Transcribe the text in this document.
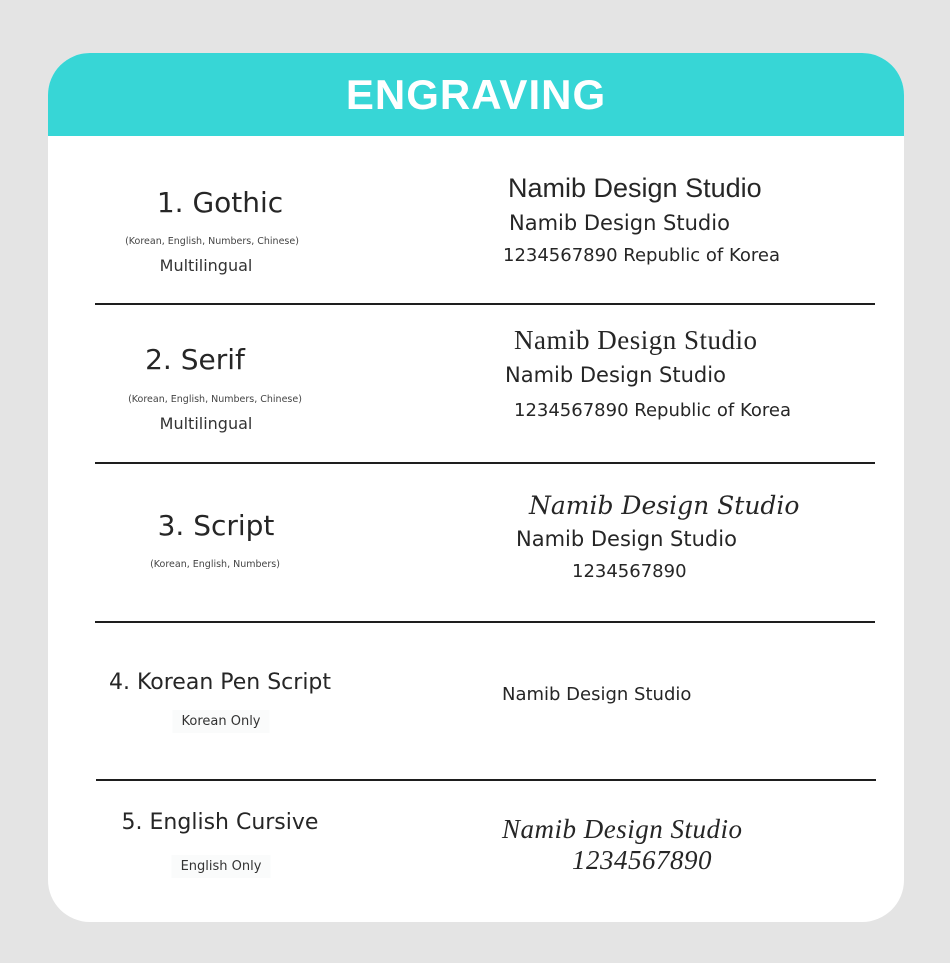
ENGRAVING
1. Gothic
(Korean, English, Numbers, Chinese)
Multilingual
Namib Design Studio
Namib Design Studio
1234567890 Republic of Korea
2. Serif
(Korean, English, Numbers, Chinese)
Multilingual
Namib Design Studio
Namib Design Studio
1234567890 Republic of Korea
3. Script
(Korean, English, Numbers)
Namib Design Studio
Namib Design Studio
1234567890
4. Korean Pen Script
Korean Only
Namib Design Studio
5. English Cursive
English Only
Namib Design Studio
1234567890
